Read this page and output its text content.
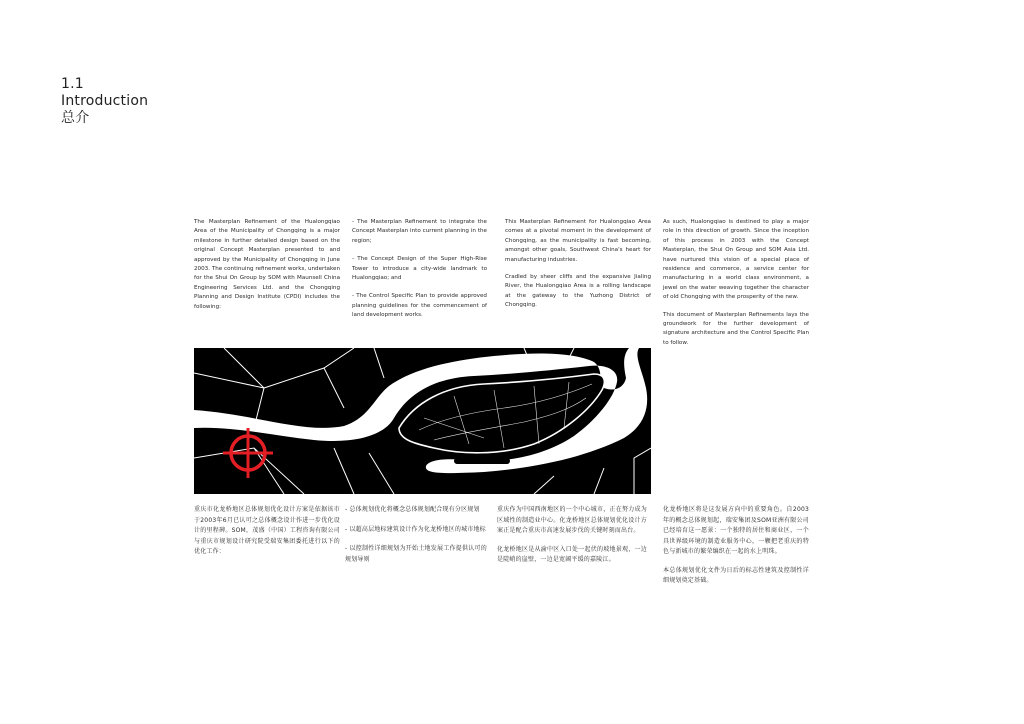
1.1
Introduction
总介

The Masterplan Refinement of the Hualongqiao Area of the Municipality of Chongqing is a major milestone in further detailed design based on the original Concept Masterplan presented to and approved by the Municipality of Chongqing in June 2003. The continuing refinement works, undertaken for the Shui On Group by SOM with Maunsell China Engineering Services Ltd. and the Chongqing Planning and Design Institute (CPDI) includes the following:

- The Masterplan Refinement to integrate the Concept Masterplan into current planning in the region;
- The Concept Design of the Super High-Rise Tower to introduce a city-wide landmark to Hualongqiao; and
- The Control Specific Plan to provide approved planning guidelines for the commencement of land development works.

This Masterplan Refinement for Hualongqiao Area comes at a pivotal moment in the development of Chongqing, as the municipality is fast becoming, amongst other goals, Southwest China's heart for manufacturing industries.

Cradled by sheer cliffs and the expansive Jialing River, the Hualongqiao Area is a rolling landscape at the gateway to the Yuzhong District of Chongqing.

As such, Hualongqiao is destined to play a major role in this direction of growth. Since the inception of this process in 2003 with the Concept Masterplan, the Shui On Group and SOM Asia Ltd. have nurtured this vision of a special place of residence and commerce, a service center for manufacturing in a world class environment, a jewel on the water weaving together the character of old Chongqing with the prosperity of the new.

This document of Masterplan Refinements lays the groundwork for the further development of signature architecture and the Control Specific Plan to follow.

重庆市化龙桥地区总体规划优化设计方案是依据该市于2003年6月已认可之总体概念设计作进一步优化设计的里程碑。SOM，茂盛（中国）工程咨询有限公司与重庆市规划设计研究院受瑞安集团委托进行以下的优化工作：

- 总体规划优化将概念总体规划配合现有分区规划
- 以超高层地标建筑设计作为化龙桥地区的城市地标
- 以控制性详细规划为开始土地发展工作提供认可的规划导则

重庆作为中国西南地区的一个中心城市，正在努力成为区域性的制造业中心。化龙桥地区总体规划优化设计方案正是配合重庆市高速发展步伐的关键时刻而出台。

化龙桥地区是从渝中区入口处一起伏的坡地景观，一边是陡峭的崖壁，一边是宽阔平缓的嘉陵江。

化龙桥地区将是这发展方向中的重要角色。自2003年的概念总体规划起，瑞安集团及SOM亚洲有限公司已经培育这一愿景：一个独特的居住和商业区，一个具世界级环境的制造业服务中心，一颗把老重庆的特色与新城市的繁荣编织在一起的水上明珠。

本总体规划优化文件为日后的标志性建筑及控制性详细规划奠定基础。
